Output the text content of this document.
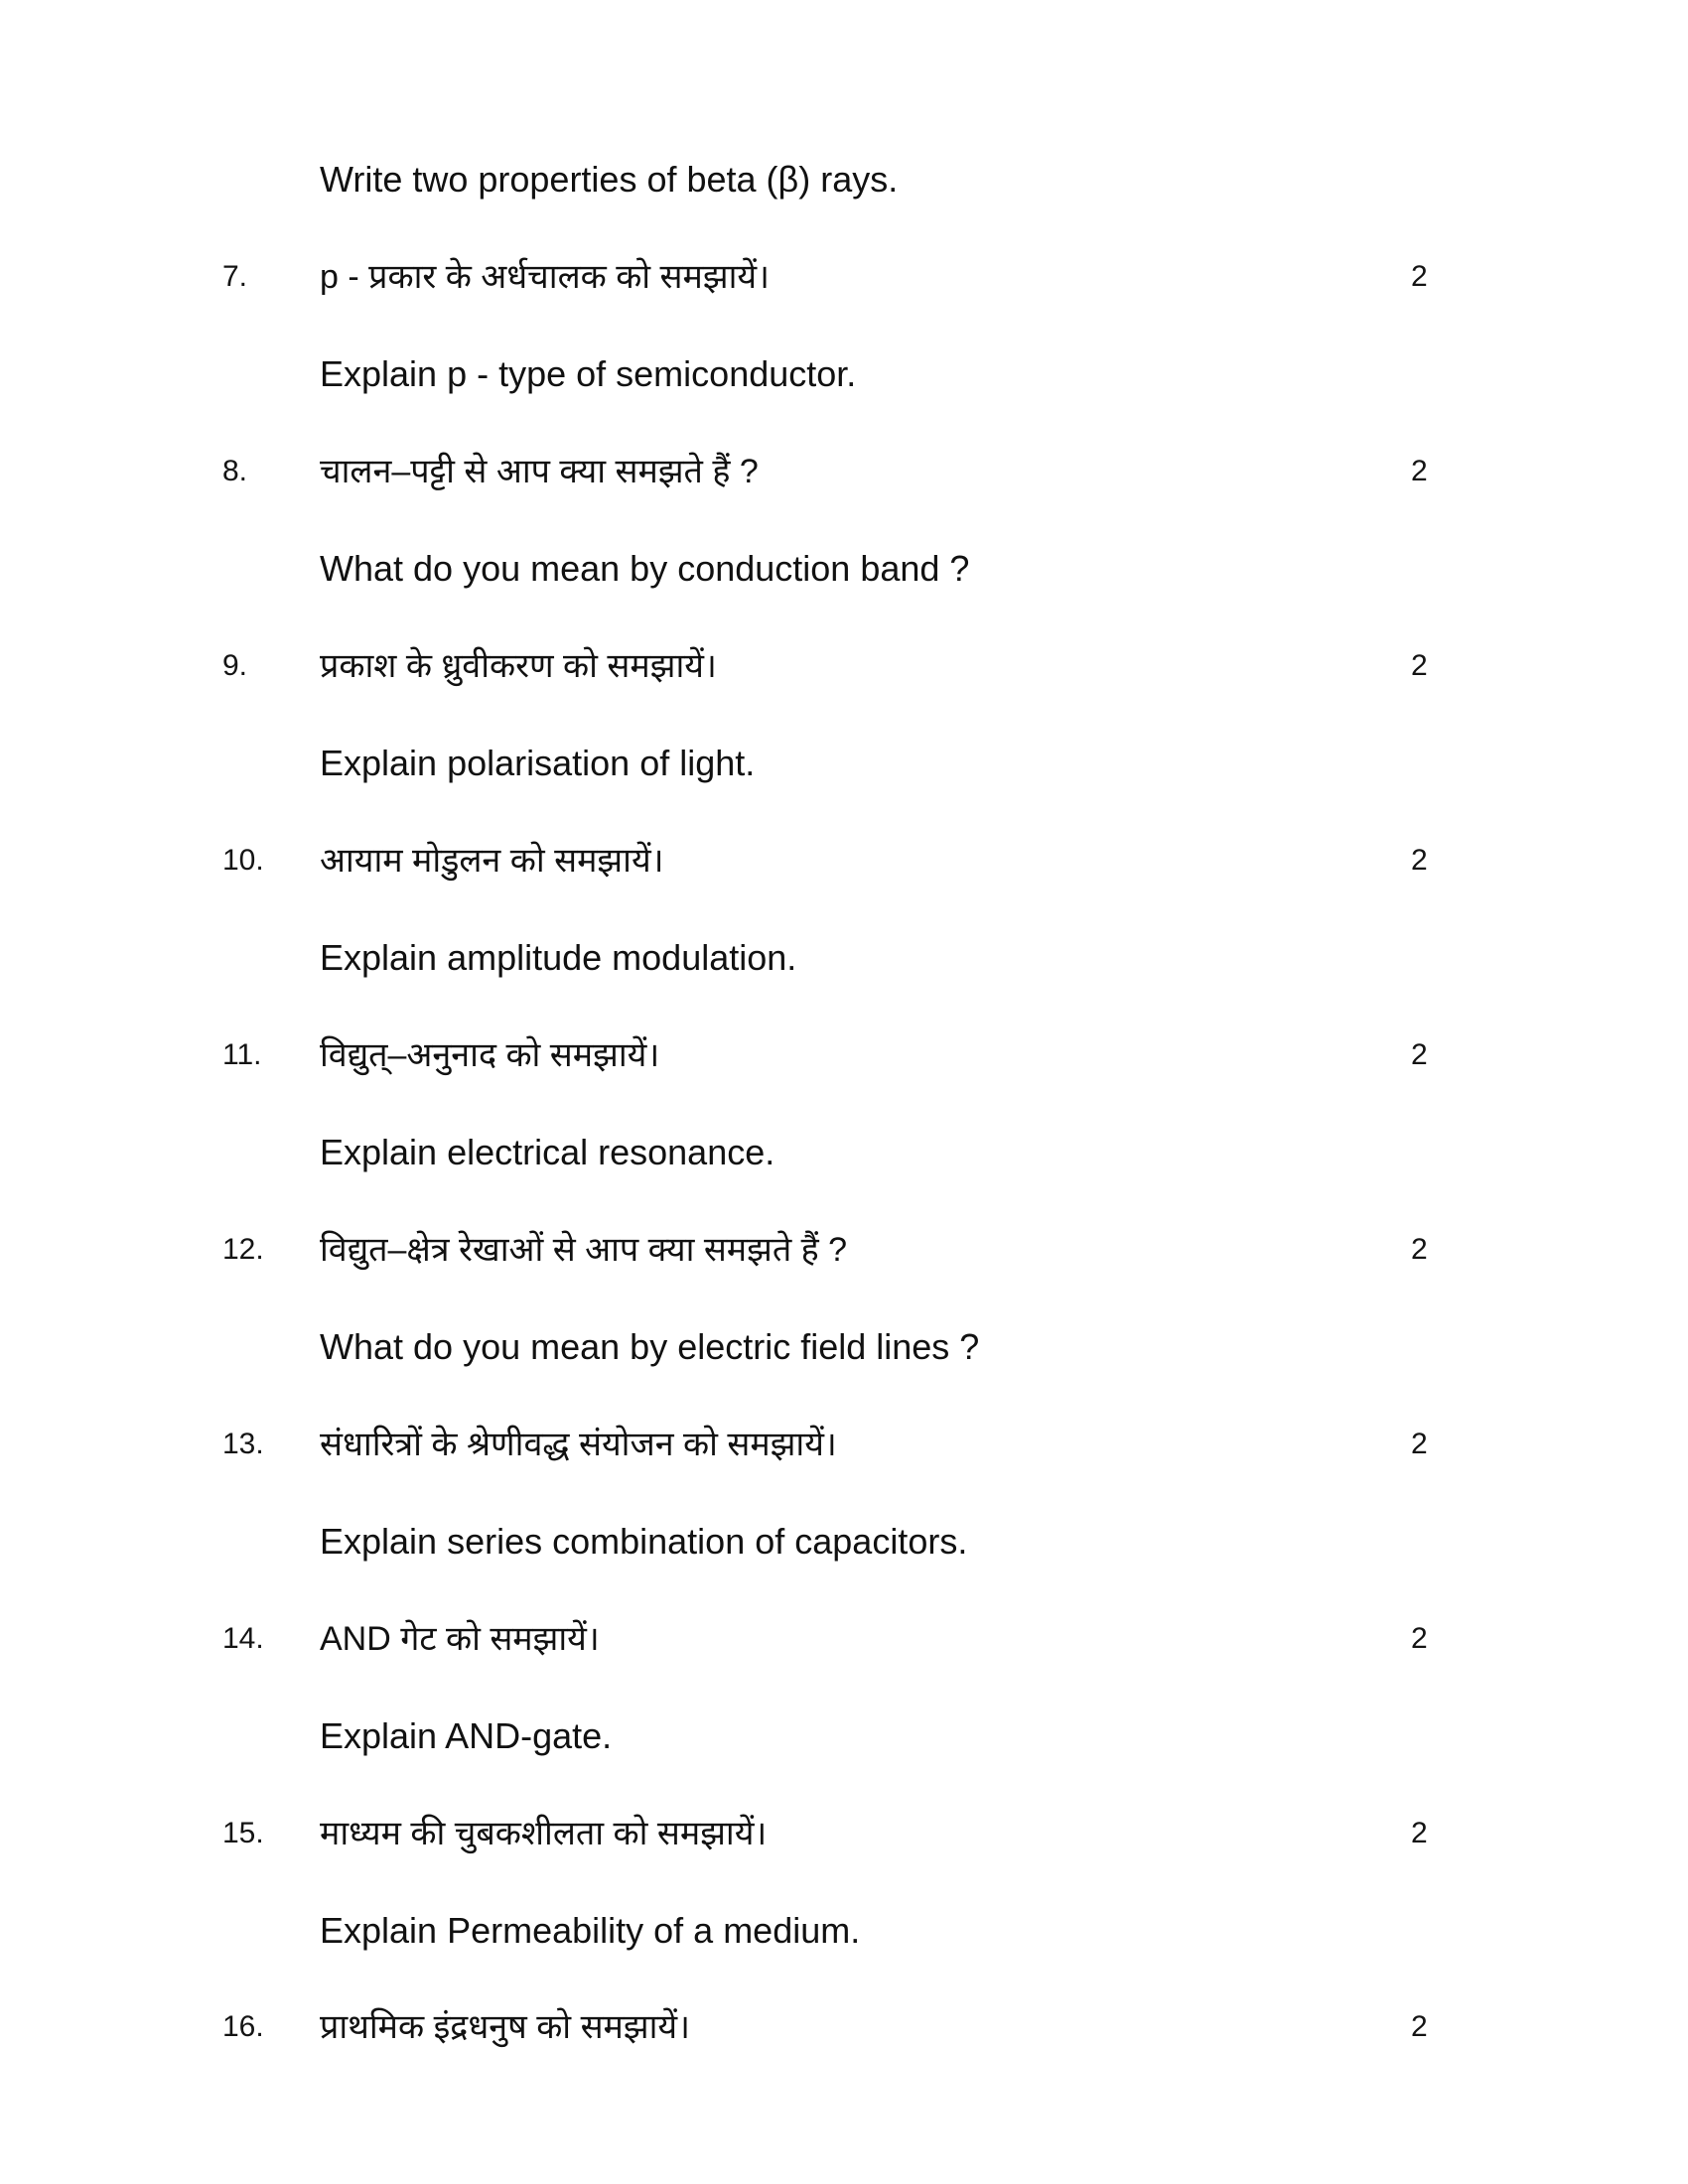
Write two properties of beta (β) rays.
7. p - प्रकार के अर्धचालक को समझायें।	2
Explain p - type of semiconductor.
8. चालन–पट्टी से आप क्या समझते हैं ?	2
What do you mean by conduction band ?
9. प्रकाश के ध्रुवीकरण को समझायें।	2
Explain polarisation of light.
10. आयाम मोडुलन को समझायें।	2
Explain amplitude modulation.
11. विद्युत्–अनुनाद को समझायें।	2
Explain electrical resonance.
12. विद्युत–क्षेत्र रेखाओं से आप क्या समझते हैं ?	2
What do you mean by electric field lines ?
13. संधारित्रों के श्रेणीवद्ध संयोजन को समझायें।	2
Explain series combination of capacitors.
14. AND गेट को समझायें।	2
Explain AND-gate.
15. माध्यम की चुबकशीलता को समझायें।	2
Explain Permeability of a medium.
16. प्राथमिक इंद्रधनुष को समझायें।	2
